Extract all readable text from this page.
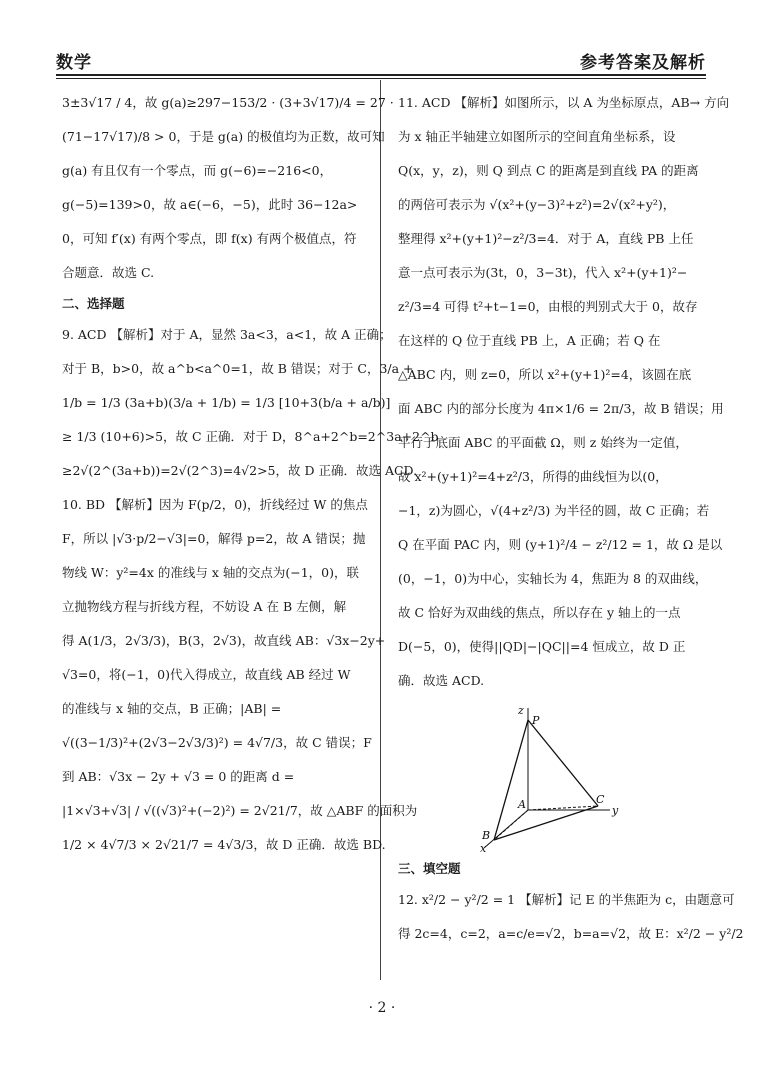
数学	参考答案及解析
3±3√17 / 4，故 g(a)≥297−153/2 · (3+3√17)/4 = 27 ·
(71−17√17)/8 > 0，于是 g(a) 的极值均为正数，故可知
g(a) 有且仅有一个零点，而 g(−6)=−216<0，
g(−5)=139>0，故 a∈(−6，−5)，此时 36−12a>
0，可知 f′(x) 有两个零点，即 f(x) 有两个极值点，符
合题意．故选 C.
二、选择题
9. ACD 【解析】对于 A，显然 3a<3，a<1，故 A 正确；
对于 B，b>0，故 a^b<a^0=1，故 B 错误；对于 C，3/a +
1/b = 1/3 (3a+b)(3/a + 1/b) = 1/3 [10+3(b/a + a/b)]
≥ 1/3 (10+6)>5，故 C 正确．对于 D，8^a+2^b=2^3a+2^b
≥2√(2^(3a+b))=2√(2^3)=4√2>5，故 D 正确．故选 ACD.
10. BD 【解析】因为 F(p/2，0)，折线经过 W 的焦点
F，所以 |√3·p/2−√3|=0，解得 p=2，故 A 错误；抛
物线 W：y²=4x 的准线与 x 轴的交点为(−1，0)，联
立抛物线方程与折线方程，不妨设 A 在 B 左侧，解
得 A(1/3，2√3/3)，B(3，2√3)，故直线 AB：√3x−2y+
√3=0，将(−1，0)代入得成立，故直线 AB 经过 W
的准线与 x 轴的交点，B 正确；|AB| =
√((3−1/3)²+(2√3−2√3/3)²) = 4√7/3，故 C 错误；F
到 AB：√3x − 2y + √3 = 0 的距离 d =
|1×√3+√3| / √((√3)²+(−2)²) = 2√21/7，故 △ABF 的面积为
1/2 × 4√7/3 × 2√21/7 = 4√3/3，故 D 正确．故选 BD.
11. ACD 【解析】如图所示，以 A 为坐标原点，AB→ 方向
为 x 轴正半轴建立如图所示的空间直角坐标系，设
Q(x，y，z)，则 Q 到点 C 的距离是到直线 PA 的距离
的两倍可表示为 √(x²+(y−3)²+z²)=2√(x²+y²)，
整理得 x²+(y+1)²−z²/3=4．对于 A，直线 PB 上任
意一点可表示为(3t，0，3−3t)，代入 x²+(y+1)²−
z²/3=4 可得 t²+t−1=0，由根的判别式大于 0，故存
在这样的 Q 位于直线 PB 上，A 正确；若 Q 在
△ABC 内，则 z=0，所以 x²+(y+1)²=4，该圆在底
面 ABC 内的部分长度为 4π×1/6 = 2π/3，故 B 错误；用
平行于底面 ABC 的平面截 Ω，则 z 始终为一定值，
故 x²+(y+1)²=4+z²/3，所得的曲线恒为以(0，
−1，z)为圆心，√(4+z²/3) 为半径的圆，故 C 正确；若
Q 在平面 PAC 内，则 (y+1)²/4 − z²/12 = 1，故 Ω 是以
(0，−1，0)为中心，实轴长为 4，焦距为 8 的双曲线，
故 C 恰好为双曲线的焦点，所以存在 y 轴上的一点
D(−5，0)，使得||QD|−|QC||=4 恒成立，故 D 正
确．故选 ACD.
z
P
A	C
y
B
x
三、填空题
12. x²/2 − y²/2 = 1 【解析】记 E 的半焦距为 c，由题意可
得 2c=4，c=2，a=c/e=√2，b=a=√2，故 E：x²/2 − y²/2
· 2 ·
